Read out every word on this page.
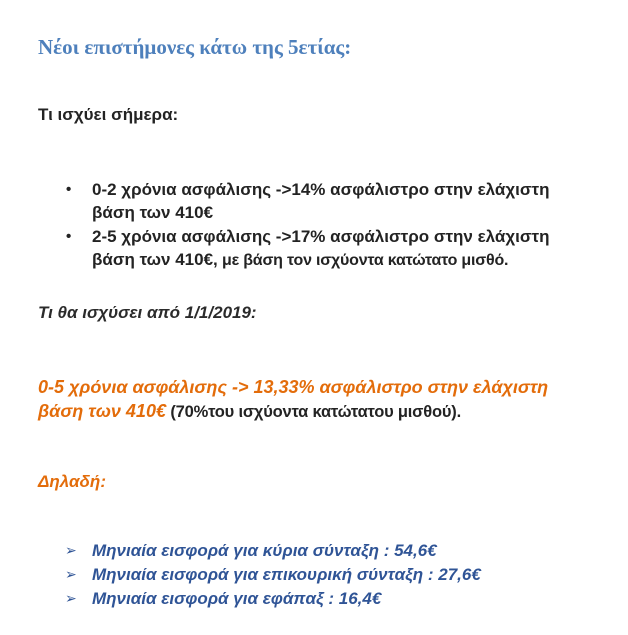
Νέοι επιστήμονες κάτω της 5ετίας:

Τι ισχύει σήμερα:

•	0-2 χρόνια ασφάλισης ->14% ασφάλιστρο στην ελάχιστη βάση των 410€
•	2-5 χρόνια ασφάλισης ->17% ασφάλιστρο στην ελάχιστη βάση των 410€, με βάση τον ισχύοντα κατώτατο μισθό.

Τι θα ισχύσει από 1/1/2019:

0-5 χρόνια ασφάλισης -> 13,33% ασφάλιστρο στην ελάχιστη βάση των 410€ (70%του ισχύοντα κατώτατου μισθού).

Δηλαδή:

➢ Μηνιαία εισφορά για κύρια σύνταξη : 54,6€
➢ Μηνιαία εισφορά για επικουρική σύνταξη : 27,6€
➢ Μηνιαία εισφορά για εφάπαξ : 16,4€
